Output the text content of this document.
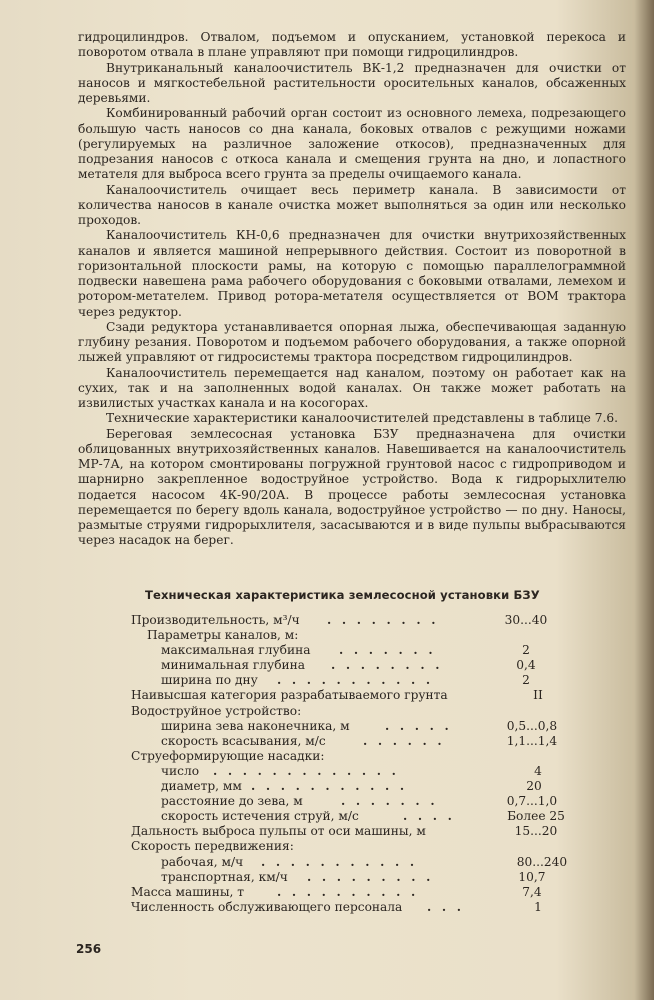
гидроцилиндров. Отвалом, подъемом и опусканием, установкой перекоса и поворотом отвала в плане управляют при помощи гидроцилиндров.

Внутриканальный каналоочиститель ВК-1,2 предназначен для очистки от наносов и мягкостебельной растительности оросительных каналов, обсаженных деревьями.

Комбинированный рабочий орган состоит из основного лемеха, подрезающего большую часть наносов со дна канала, боковых отвалов с режущими ножами (регулируемых на различное заложение откосов), предназначенных для подрезания наносов с откоса канала и смещения грунта на дно, и лопастного метателя для выброса всего грунта за пределы очищаемого канала.

Каналоочиститель очищает весь периметр канала. В зависимости от количества наносов в канале очистка может выполняться за один или несколько проходов.

Каналоочиститель КН-0,6 предназначен для очистки внутрихозяйственных каналов и является машиной непрерывного действия. Состоит из поворотной в горизонтальной плоскости рамы, на которую с помощью параллелограммной подвески навешена рама рабочего оборудования с боковыми отвалами, лемехом и ротором-метателем. Привод ротора-метателя осуществляется от ВОМ трактора через редуктор.

Сзади редуктора устанавливается опорная лыжа, обеспечивающая заданную глубину резания. Поворотом и подъемом рабочего оборудования, а также опорной лыжей управляют от гидросистемы трактора посредством гидроцилиндров.

Каналоочиститель перемещается над каналом, поэтому он работает как на сухих, так и на заполненных водой каналах. Он также может работать на извилистых участках канала и на косогорах.

Технические характеристики каналоочистителей представлены в таблице 7.6.

Береговая землесосная установка БЗУ предназначена для очистки облицованных внутрихозяйственных каналов. Навешивается на каналоочиститель МР-7А, на котором смонтированы погружной грунтовой насос с гидроприводом и шарнирно закрепленное водоструйное устройство. Вода к гидрорыхлителю подается насосом 4К-90/20А. В процессе работы землесосная установка перемещается по берегу вдоль канала, водоструйное устройство — по дну. Наносы, размытые струями гидрорыхлителя, засасываются и в виде пульпы выбрасываются через насадок на берег.

Техническая характеристика землесосной установки БЗУ
Производительность, м³/ч . . . . . . . .	30...40
Параметры каналов, м:
максимальная глубина . . . . . . .	2
минимальная глубина . . . . . . . .	0,4
ширина по дну . . . . . . . . . . .	2
Наивысшая категория разрабатываемого грунта	II
Водоструйное устройство:
ширина зева наконечника, м	. . . . .	0,5...0,8
скорость всасывания, м/с	. . . . . .	1,1...1,4
Струеформирующие насадки:
число . . . . . . . . . . . . .	4
диаметр, мм . . . . . . . . . . .	20
расстояние до зева, м	. . . . . . .	0,7...1,0
скорость истечения струй, м/с	. . . .	Более 25
Дальность выброса пульпы от оси машины, м	15...20
Скорость передвижения:
рабочая, м/ч . . . . . . . . . . .	80...240
транспортная, км/ч . . . . . . . . .	10,7
Масса машины, т	. . . . . . . . . .	7,4
Численность обслуживающего персонала . . .	1
256
